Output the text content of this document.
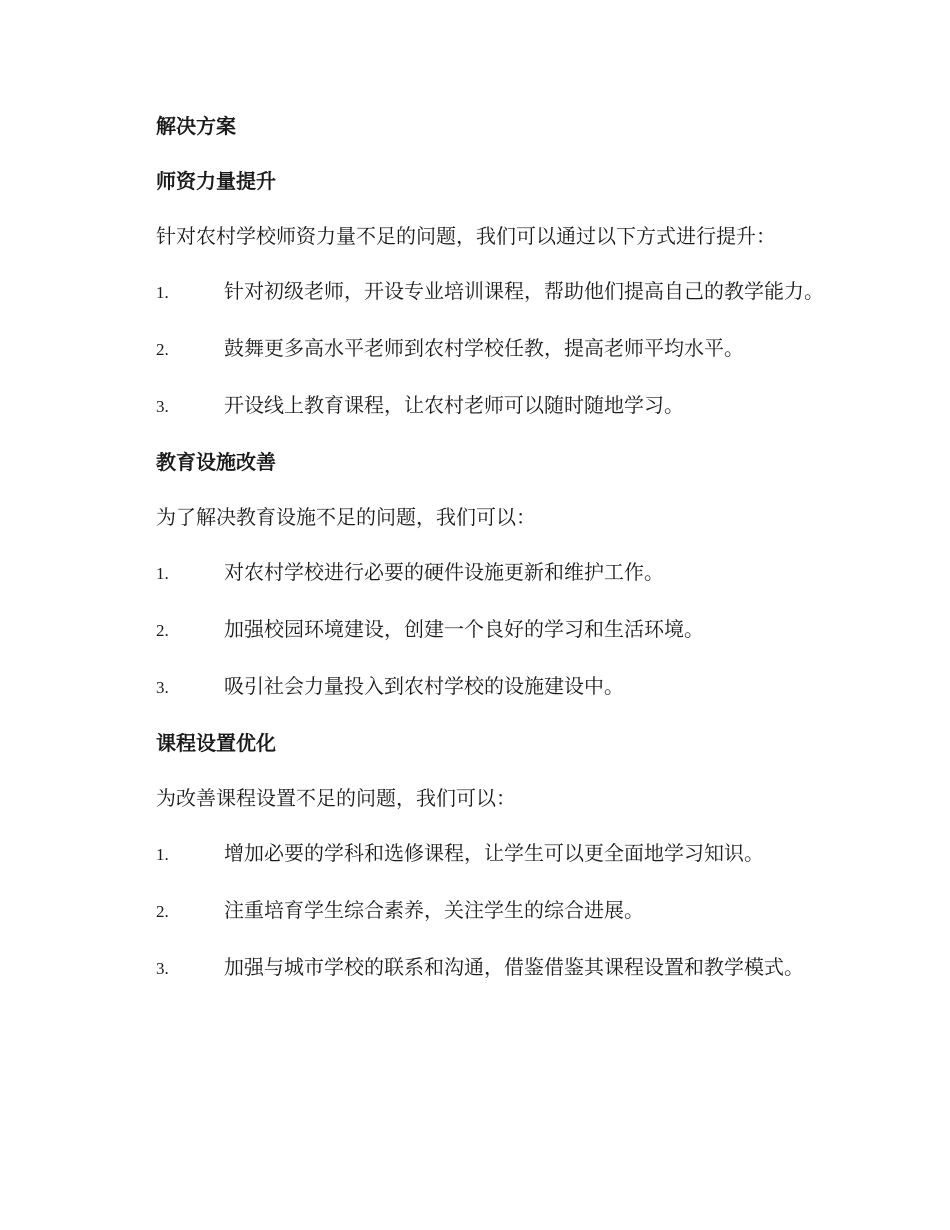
解决方案
师资力量提升

针对农村学校师资力量不足的问题，我们可以通过以下方式进行提升：

1.	针对初级老师，开设专业培训课程，帮助他们提高自己的教学能力。

2.	鼓舞更多高水平老师到农村学校任教，提高老师平均水平。

3.	开设线上教育课程，让农村老师可以随时随地学习。

教育设施改善

为了解决教育设施不足的问题，我们可以：

1.	对农村学校进行必要的硬件设施更新和维护工作。

2.	加强校园环境建设，创建一个良好的学习和生活环境。

3.	吸引社会力量投入到农村学校的设施建设中。

课程设置优化

为改善课程设置不足的问题，我们可以：

1.	增加必要的学科和选修课程，让学生可以更全面地学习知识。

2.	注重培育学生综合素养，关注学生的综合进展。

3.	加强与城市学校的联系和沟通，借鉴借鉴其课程设置和教学模式。
